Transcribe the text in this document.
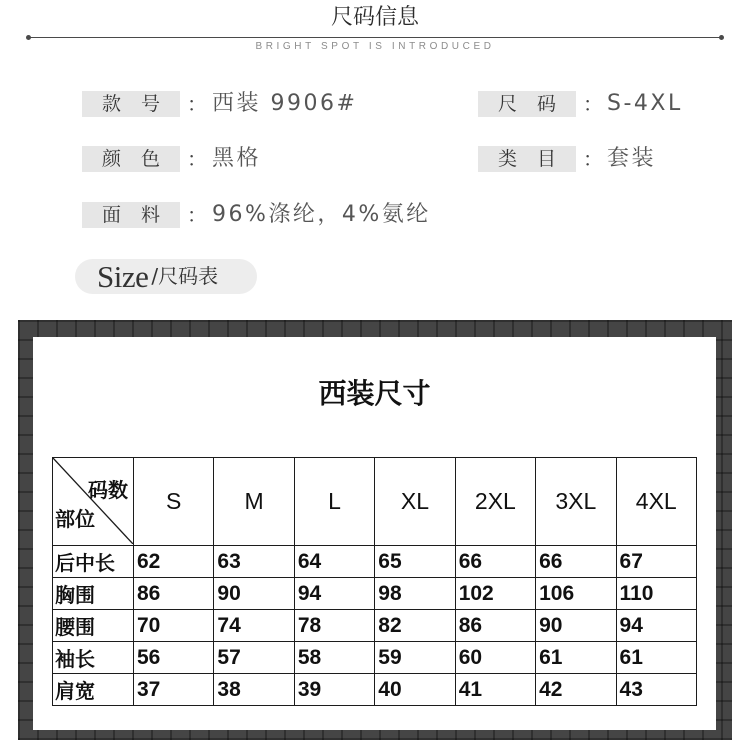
尺码信息
BRIGHT SPOT IS INTRODUCED
款 号 ： 西装 9906#	尺 码 ： S-4XL
颜 色 ： 黑格	类 目 ： 套装
面 料 ： 96%涤纶，4%氨纶
Size /尺码表
西装尺寸
码数
部位	S	M	L	XL	2XL	3XL	4XL
后中长	62	63	64	65	66	66	67
胸围	86	90	94	98	102	106	110
腰围	70	74	78	82	86	90	94
袖长	56	57	58	59	60	61	61
肩宽	37	38	39	40	41	42	43
